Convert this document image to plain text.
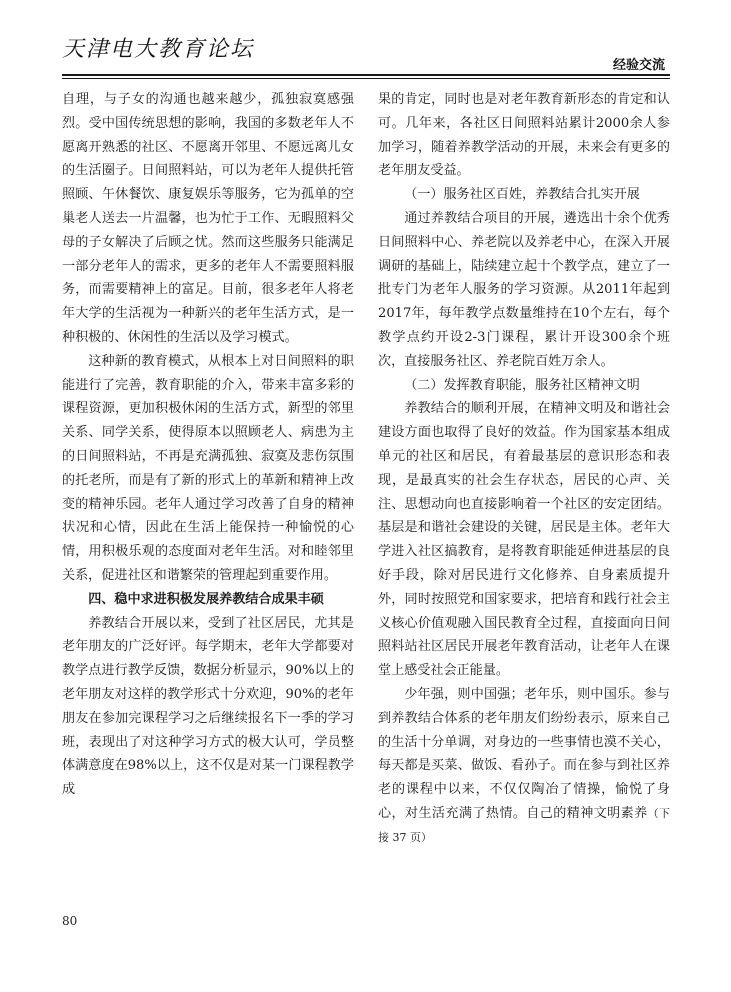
天津电大教育论坛
经验交流

自理，与子女的沟通也越来越少，孤独寂寞感强烈。受中国传统思想的影响，我国的多数老年人不愿离开熟悉的社区、不愿离开邻里、不愿远离儿女的生活圈子。日间照料站，可以为老年人提供托管照顾、午休餐饮、康复娱乐等服务，它为孤单的空巢老人送去一片温馨，也为忙于工作、无暇照料父母的子女解决了后顾之忧。然而这些服务只能满足一部分老年人的需求，更多的老年人不需要照料服务，而需要精神上的富足。目前，很多老年人将老年大学的生活视为一种新兴的老年生活方式，是一种积极的、休闲性的生活以及学习模式。

这种新的教育模式，从根本上对日间照料的职能进行了完善，教育职能的介入，带来丰富多彩的课程资源，更加积极休闲的生活方式，新型的邻里关系、同学关系，使得原本以照顾老人、病患为主的日间照料站，不再是充满孤独、寂寞及悲伤氛围的托老所，而是有了新的形式上的革新和精神上改变的精神乐园。老年人通过学习改善了自身的精神状况和心情，因此在生活上能保持一种愉悦的心情，用积极乐观的态度面对老年生活。对和睦邻里关系，促进社区和谐繁荣的管理起到重要作用。

四、稳中求进积极发展养教结合成果丰硕

养教结合开展以来，受到了社区居民，尤其是老年朋友的广泛好评。每学期末，老年大学都要对教学点进行教学反馈，数据分析显示，90%以上的老年朋友对这样的教学形式十分欢迎，90%的老年朋友在参加完课程学习之后继续报名下一季的学习班，表现出了对这种学习方式的极大认可，学员整体满意度在98%以上，这不仅是对某一门课程教学成

果的肯定，同时也是对老年教育新形态的肯定和认可。几年来，各社区日间照料站累计2000余人参加学习，随着养教学活动的开展，未来会有更多的老年朋友受益。

（一）服务社区百姓，养教结合扎实开展

通过养教结合项目的开展，遴选出十余个优秀日间照料中心、养老院以及养老中心，在深入开展调研的基础上，陆续建立起十个教学点，建立了一批专门为老年人服务的学习资源。从2011年起到2017年，每年教学点数量维持在10个左右，每个教学点约开设2-3门课程，累计开设300余个班次，直接服务社区、养老院百姓万余人。

（二）发挥教育职能，服务社区精神文明

养教结合的顺利开展，在精神文明及和谐社会建设方面也取得了良好的效益。作为国家基本组成单元的社区和居民，有着最基层的意识形态和表现，是最真实的社会生存状态，居民的心声、关注、思想动向也直接影响着一个社区的安定团结。基层是和谐社会建设的关键，居民是主体。老年大学进入社区搞教育，是将教育职能延伸进基层的良好手段，除对居民进行文化修养、自身素质提升外，同时按照党和国家要求，把培育和践行社会主义核心价值观融入国民教育全过程，直接面向日间照料站社区居民开展老年教育活动，让老年人在课堂上感受社会正能量。

少年强，则中国强；老年乐，则中国乐。参与到养教结合体系的老年朋友们纷纷表示，原来自己的生活十分单调，对身边的一些事情也漠不关心，每天都是买菜、做饭、看孙子。而在参与到社区养老的课程中以来，不仅仅陶冶了情操，愉悦了身心，对生活充满了热情。自己的精神文明素养（下接 37 页）

80
